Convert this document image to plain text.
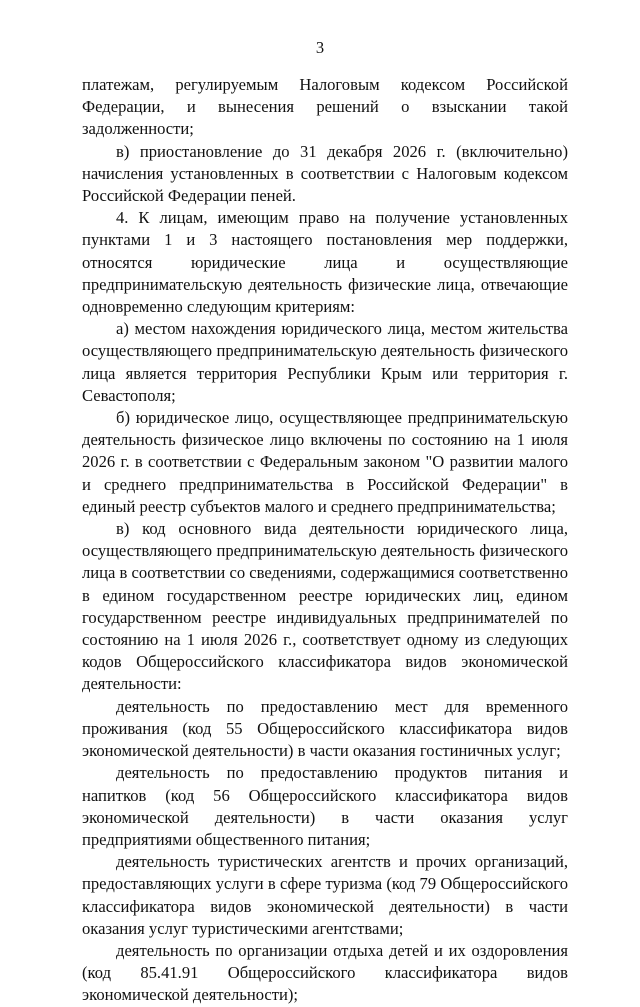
3

платежам, регулируемым Налоговым кодексом Российской Федерации, и вынесения решений о взыскании такой задолженности;

в) приостановление до 31 декабря 2026 г. (включительно) начисления установленных в соответствии с Налоговым кодексом Российской Федерации пеней.

4. К лицам, имеющим право на получение установленных пунктами 1 и 3 настоящего постановления мер поддержки, относятся юридические лица и осуществляющие предпринимательскую деятельность физические лица, отвечающие одновременно следующим критериям:

а) местом нахождения юридического лица, местом жительства осуществляющего предпринимательскую деятельность физического лица является территория Республики Крым или территория г. Севастополя;

б) юридическое лицо, осуществляющее предпринимательскую деятельность физическое лицо включены по состоянию на 1 июля 2026 г. в соответствии с Федеральным законом "О развитии малого и среднего предпринимательства в Российской Федерации" в единый реестр субъектов малого и среднего предпринимательства;

в) код основного вида деятельности юридического лица, осуществляющего предпринимательскую деятельность физического лица в соответствии со сведениями, содержащимися соответственно в едином государственном реестре юридических лиц, едином государственном реестре индивидуальных предпринимателей по состоянию на 1 июля 2026 г., соответствует одному из следующих кодов Общероссийского классификатора видов экономической деятельности:

деятельность по предоставлению мест для временного проживания (код 55 Общероссийского классификатора видов экономической деятельности) в части оказания гостиничных услуг;

деятельность по предоставлению продуктов питания и напитков (код 56 Общероссийского классификатора видов экономической деятельности) в части оказания услуг предприятиями общественного питания;

деятельность туристических агентств и прочих организаций, предоставляющих услуги в сфере туризма (код 79 Общероссийского классификатора видов экономической деятельности) в части оказания услуг туристическими агентствами;

деятельность по организации отдыха детей и их оздоровления (код 85.41.91 Общероссийского классификатора видов экономической деятельности);
